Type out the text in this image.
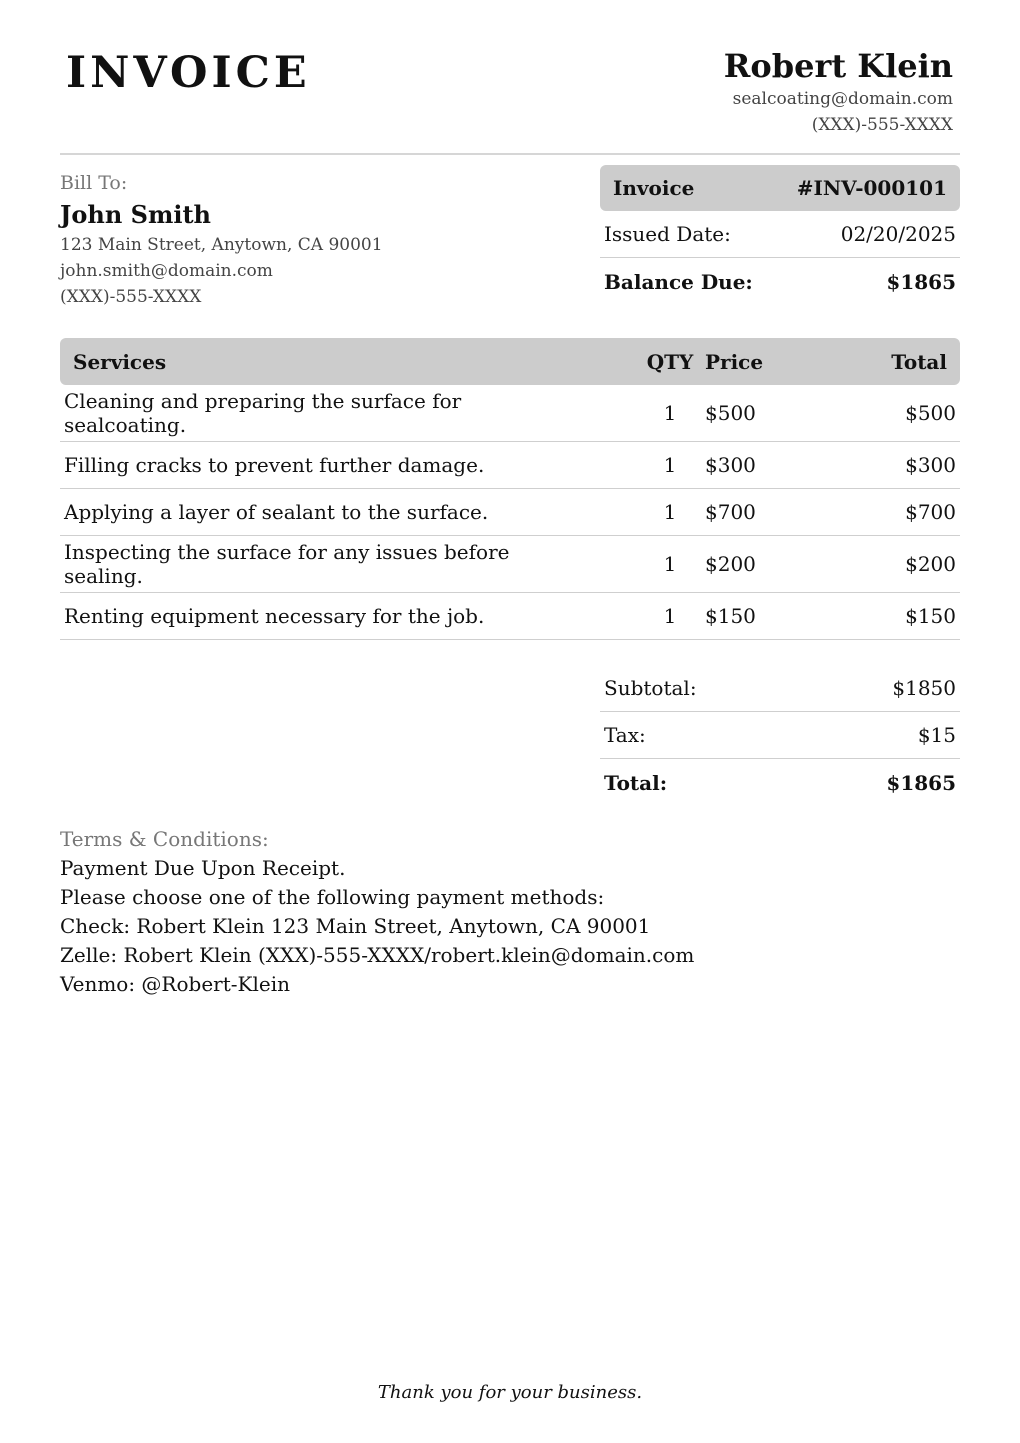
INVOICE	Robert Klein
sealcoating@domain.com
(XXX)-555-XXXX
Bill To:
John Smith
123 Main Street, Anytown, CA 90001
john.smith@domain.com
(XXX)-555-XXXX
Invoice	#INV-000101
Issued Date:	02/20/2025
Balance Due:	$1865
Services	QTY Price	Total
Cleaning and preparing the surface for sealcoating.	1	$500	$500
Filling cracks to prevent further damage.	1	$300	$300
Applying a layer of sealant to the surface.	1	$700	$700
Inspecting the surface for any issues before sealing.	1	$200	$200
Renting equipment necessary for the job.	1	$150	$150
Subtotal:	$1850
Tax:	$15
Total:	$1865
Terms & Conditions:
Payment Due Upon Receipt.
Please choose one of the following payment methods:
Check: Robert Klein 123 Main Street, Anytown, CA 90001
Zelle: Robert Klein (XXX)-555-XXXX/robert.klein@domain.com
Venmo: @Robert-Klein
Thank you for your business.
